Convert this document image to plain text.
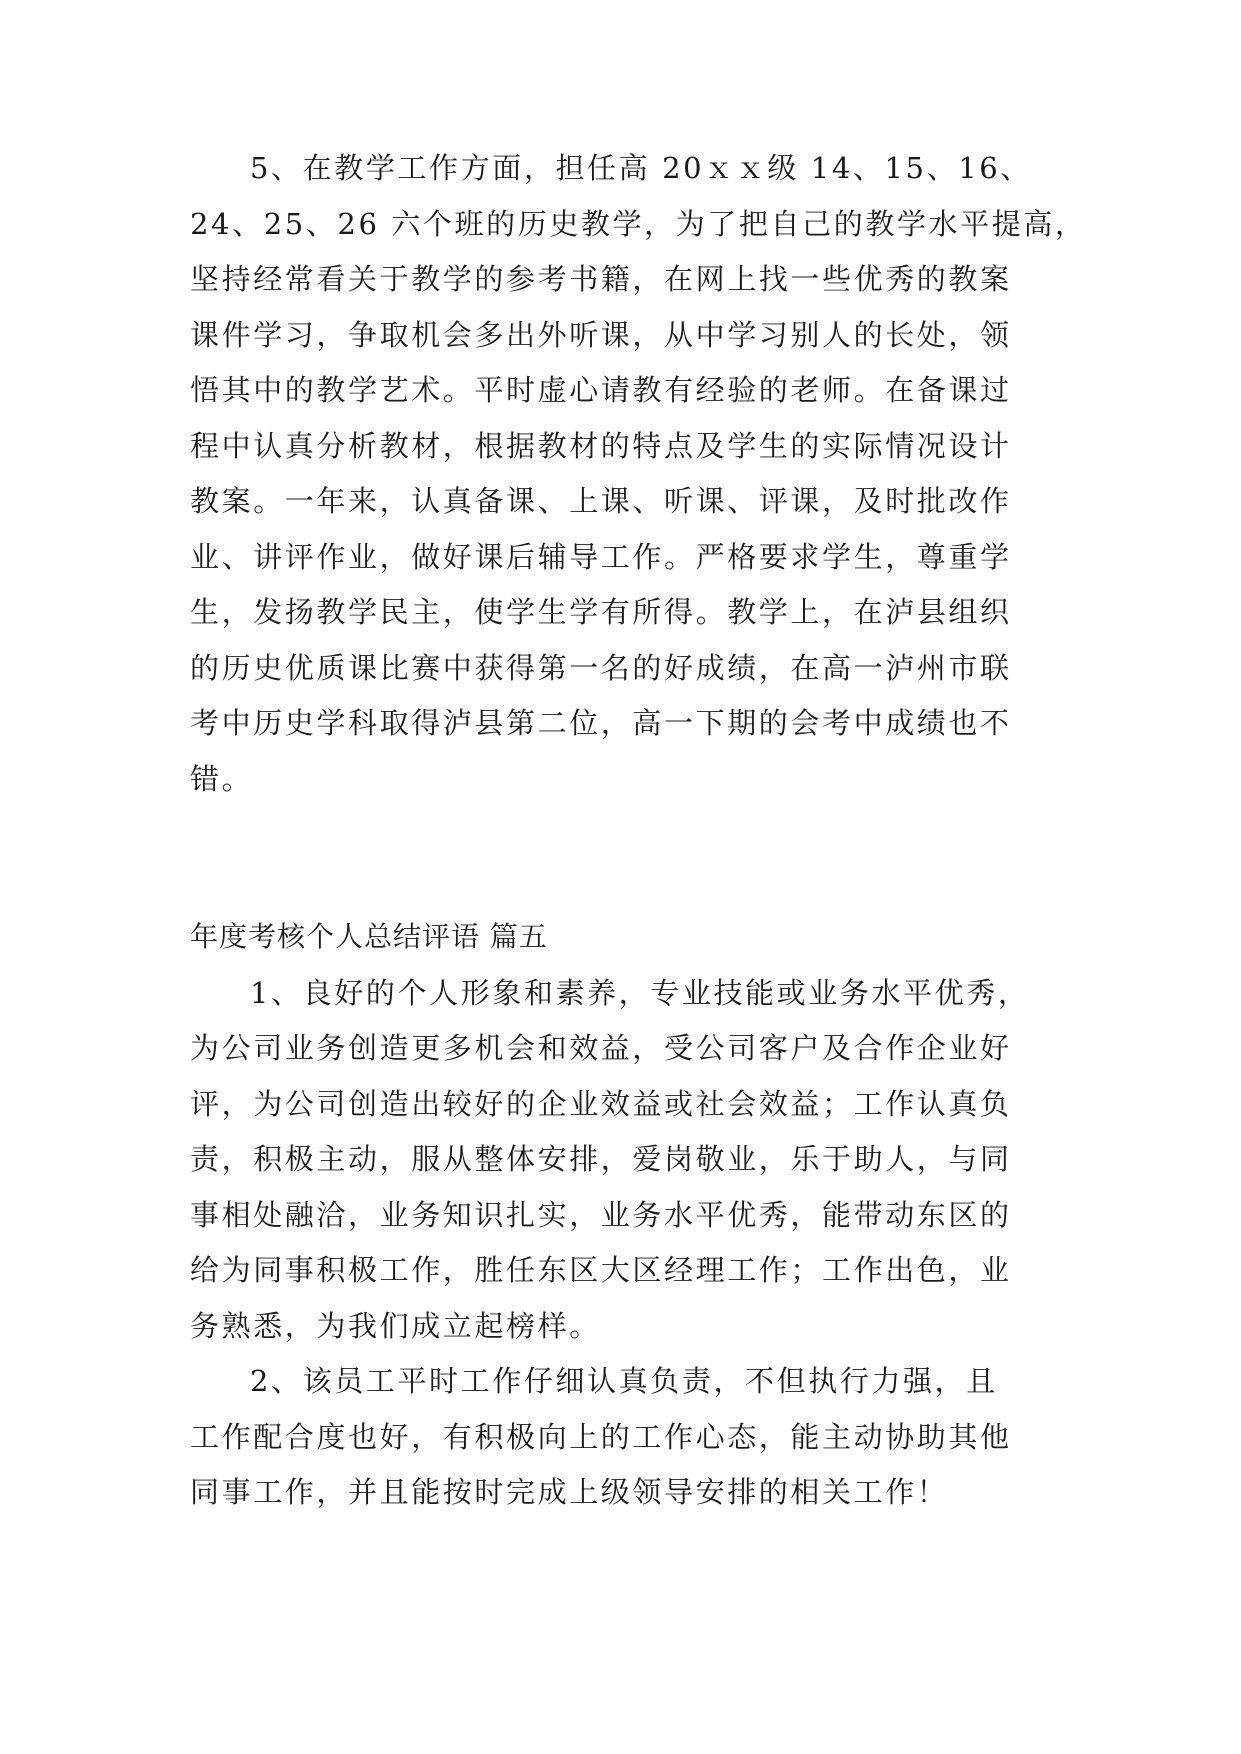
5、在教学工作方面，担任高 20ｘｘ级 14、15、16、
24、25、26 六个班的历史教学，为了把自己的教学水平提高，
坚持经常看关于教学的参考书籍，在网上找一些优秀的教案
课件学习，争取机会多出外听课，从中学习别人的长处，领
悟其中的教学艺术。平时虚心请教有经验的老师。在备课过
程中认真分析教材，根据教材的特点及学生的实际情况设计
教案。一年来，认真备课、上课、听课、评课，及时批改作
业、讲评作业，做好课后辅导工作。严格要求学生，尊重学
生，发扬教学民主，使学生学有所得。教学上，在泸县组织
的历史优质课比赛中获得第一名的好成绩，在高一泸州市联
考中历史学科取得泸县第二位，高一下期的会考中成绩也不
错。
年度考核个人总结评语 篇五
1、良好的个人形象和素养，专业技能或业务水平优秀，
为公司业务创造更多机会和效益，受公司客户及合作企业好
评，为公司创造出较好的企业效益或社会效益；工作认真负
责，积极主动，服从整体安排，爱岗敬业，乐于助人，与同
事相处融洽，业务知识扎实，业务水平优秀，能带动东区的
给为同事积极工作，胜任东区大区经理工作；工作出色，业
务熟悉，为我们成立起榜样。
2、该员工平时工作仔细认真负责，不但执行力强，且
工作配合度也好，有积极向上的工作心态，能主动协助其他
同事工作，并且能按时完成上级领导安排的相关工作！
